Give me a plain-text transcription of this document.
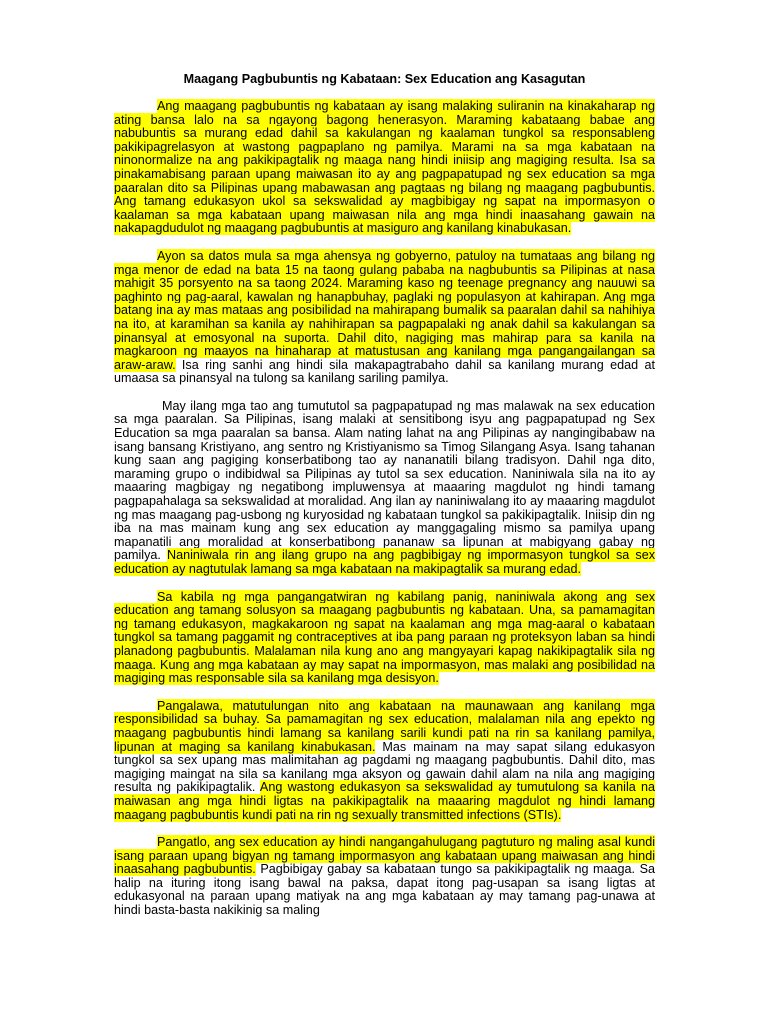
Maagang Pagbubuntis ng Kabataan: Sex Education ang Kasagutan

Ang maagang pagbubuntis ng kabataan ay isang malaking suliranin na kinakaharap ng ating bansa lalo na sa ngayong bagong henerasyon. Maraming kabataang babae ang nabubuntis sa murang edad dahil sa kakulangan ng kaalaman tungkol sa responsableng pakikipagrelasyon at wastong pagpaplano ng pamilya. Marami na sa mga kabataan na ninonormalize na ang pakikipagtalik ng maaga nang hindi iniisip ang magiging resulta. Isa sa pinakamabisang paraan upang maiwasan ito ay ang pagpapatupad ng sex education sa mga paaralan dito sa Pilipinas upang mabawasan ang pagtaas ng bilang ng maagang pagbubuntis. Ang tamang edukasyon ukol sa sekswalidad ay magbibigay ng sapat na impormasyon o kaalaman sa mga kabataan upang maiwasan nila ang mga hindi inaasahang gawain na nakapagdudulot ng maagang pagbubuntis at masiguro ang kanilang kinabukasan.

Ayon sa datos mula sa mga ahensya ng gobyerno, patuloy na tumataas ang bilang ng mga menor de edad na bata 15 na taong gulang pababa na nagbubuntis sa Pilipinas at nasa mahigit 35 porsyento na sa taong 2024. Maraming kaso ng teenage pregnancy ang nauuwi sa paghinto ng pag-aaral, kawalan ng hanapbuhay, paglaki ng populasyon at kahirapan. Ang mga batang ina ay mas mataas ang posibilidad na mahirapang bumalik sa paaralan dahil sa nahihiya na ito, at karamihan sa kanila ay nahihirapan sa pagpapalaki ng anak dahil sa kakulangan sa pinansyal at emosyonal na suporta. Dahil dito, nagiging mas mahirap para sa kanila na magkaroon ng maayos na hinaharap at matustusan ang kanilang mga pangangailangan sa araw-araw. Isa ring sanhi ang hindi sila makapagtrabaho dahil sa kanilang murang edad at umaasa sa pinansyal na tulong sa kanilang sariling pamilya.

May ilang mga tao ang tumututol sa pagpapatupad ng mas malawak na sex education sa mga paaralan. Sa Pilipinas, isang malaki at sensitibong isyu ang pagpapatupad ng Sex Education sa mga paaralan sa bansa. Alam nating lahat na ang Pilipinas ay nangingibabaw na isang bansang Kristiyano, ang sentro ng Kristiyanismo sa Timog Silangang Asya. Isang tahanan kung saan ang pagiging konserbatibong tao ay nananatili bilang tradisyon. Dahil nga dito, maraming grupo o indibidwal sa Pilipinas ay tutol sa sex education. Naniniwala sila na ito ay maaaring magbigay ng negatibong impluwensya at maaaring magdulot ng hindi tamang pagpapahalaga sa sekswalidad at moralidad. Ang ilan ay naniniwalang ito ay maaaring magdulot ng mas maagang pag-usbong ng kuryosidad ng kabataan tungkol sa pakikipagtalik. Iniisip din ng iba na mas mainam kung ang sex education ay manggagaling mismo sa pamilya upang mapanatili ang moralidad at konserbatibong pananaw sa lipunan at mabigyang gabay ng pamilya. Naniniwala rin ang ilang grupo na ang pagbibigay ng impormasyon tungkol sa sex education ay nagtutulak lamang sa mga kabataan na makipagtalik sa murang edad.

Sa kabila ng mga pangangatwiran ng kabilang panig, naniniwala akong ang sex education ang tamang solusyon sa maagang pagbubuntis ng kabataan. Una, sa pamamagitan ng tamang edukasyon, magkakaroon ng sapat na kaalaman ang mga mag-aaral o kabataan tungkol sa tamang paggamit ng contraceptives at iba pang paraan ng proteksyon laban sa hindi planadong pagbubuntis. Malalaman nila kung ano ang mangyayari kapag nakikipagtalik sila ng maaga. Kung ang mga kabataan ay may sapat na impormasyon, mas malaki ang posibilidad na magiging mas responsable sila sa kanilang mga desisyon.

Pangalawa, matutulungan nito ang kabataan na maunawaan ang kanilang mga responsibilidad sa buhay. Sa pamamagitan ng sex education, malalaman nila ang epekto ng maagang pagbubuntis hindi lamang sa kanilang sarili kundi pati na rin sa kanilang pamilya, lipunan at maging sa kanilang kinabukasan. Mas mainam na may sapat silang edukasyon tungkol sa sex upang mas malimitahan ag pagdami ng maagang pagbubuntis. Dahil dito, mas magiging maingat na sila sa kanilang mga aksyon og gawain dahil alam na nila ang magiging resulta ng pakikipagtalik. Ang wastong edukasyon sa sekswalidad ay tumutulong sa kanila na maiwasan ang mga hindi ligtas na pakikipagtalik na maaaring magdulot ng hindi lamang maagang pagbubuntis kundi pati na rin ng sexually transmitted infections (STIs).

Pangatlo, ang sex education ay hindi nangangahulugang pagtuturo ng maling asal kundi isang paraan upang bigyan ng tamang impormasyon ang kabataan upang maiwasan ang hindi inaasahang pagbubuntis. Pagbibigay gabay sa kabataan tungo sa pakikipagtalik ng maaga. Sa halip na ituring itong isang bawal na paksa, dapat itong pag-usapan sa isang ligtas at edukasyonal na paraan upang matiyak na ang mga kabataan ay may tamang pag-unawa at hindi basta-basta nakikinig sa maling
